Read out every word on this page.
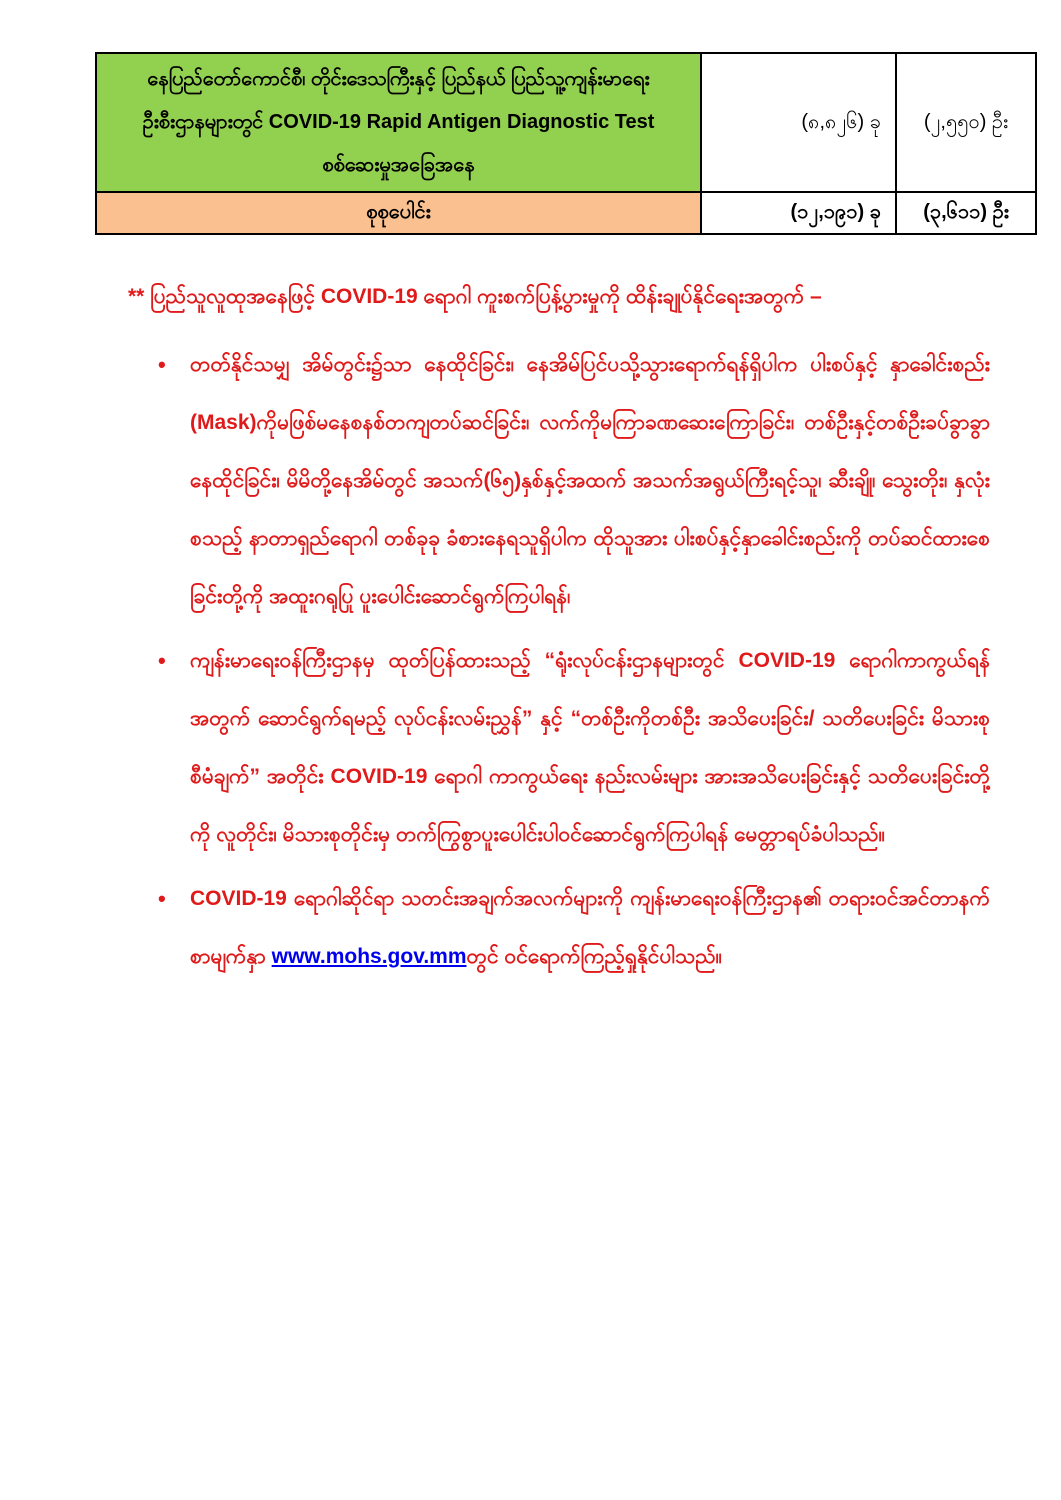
နေပြည်တော်ကောင်စီ၊ တိုင်းဒေသကြီးနှင့် ပြည်နယ် ပြည်သူ့ကျန်းမာရေးဦးစီးဌာနများတွင် COVID-19 Rapid Antigen Diagnostic Test စစ်ဆေးမှုအခြေအနေ	(၈,၈၂၆) ခု	(၂,၅၅၀) ဦး
စုစုပေါင်း	(၁၂,၁၉၁) ခု	(၃,၆၁၁) ဦး

** ပြည်သူလူထုအနေဖြင့် COVID-19 ရောဂါ ကူးစက်ပြန့်ပွားမှုကို ထိန်းချုပ်နိုင်ရေးအတွက် –

• တတ်နိုင်သမျှ အိမ်တွင်း၌သာ နေထိုင်ခြင်း၊ နေအိမ်ပြင်ပသို့သွားရောက်ရန်ရှိပါက ပါးစပ်နှင့် နှာခေါင်းစည်း (Mask)ကိုမဖြစ်မနေစနစ်တကျတပ်ဆင်ခြင်း၊ လက်ကိုမကြာခဏဆေးကြောခြင်း၊ တစ်ဦးနှင့်တစ်ဦးခပ်ခွာခွာနေထိုင်ခြင်း၊ မိမိတို့နေအိမ်တွင် အသက်(၆၅)နှစ်နှင့်အထက် အသက်အရွယ်ကြီးရင့်သူ၊ ဆီးချို၊ သွေးတိုး၊ နှလုံး စသည့် နာတာရှည်ရောဂါ တစ်ခုခု ခံစားနေရသူရှိပါက ထိုသူအား ပါးစပ်နှင့်နှာခေါင်းစည်းကို တပ်ဆင်ထားစေခြင်းတို့ကို အထူးဂရုပြု ပူးပေါင်းဆောင်ရွက်ကြပါရန်၊
• ကျန်းမာရေးဝန်ကြီးဌာနမှ ထုတ်ပြန်ထားသည့် “ရုံးလုပ်ငန်းဌာနများတွင် COVID-19 ရောဂါကာကွယ်ရန်အတွက် ဆောင်ရွက်ရမည့် လုပ်ငန်းလမ်းညွှန်” နှင့် “တစ်ဦးကိုတစ်ဦး အသိပေးခြင်း/ သတိပေးခြင်း မိသားစုစီမံချက်” အတိုင်း COVID-19 ရောဂါ ကာကွယ်ရေး နည်းလမ်းများ အားအသိပေးခြင်းနှင့် သတိပေးခြင်းတို့ကို လူတိုင်း၊ မိသားစုတိုင်းမှ တက်ကြွစွာပူးပေါင်းပါဝင်ဆောင်ရွက်ကြပါရန် မေတ္တာရပ်ခံပါသည်။
• COVID-19 ရောဂါဆိုင်ရာ သတင်းအချက်အလက်များကို ကျန်းမာရေးဝန်ကြီးဌာန၏ တရားဝင်အင်တာနက်စာမျက်နှာ www.mohs.gov.mmတွင် ဝင်ရောက်ကြည့်ရှုနိုင်ပါသည်။
